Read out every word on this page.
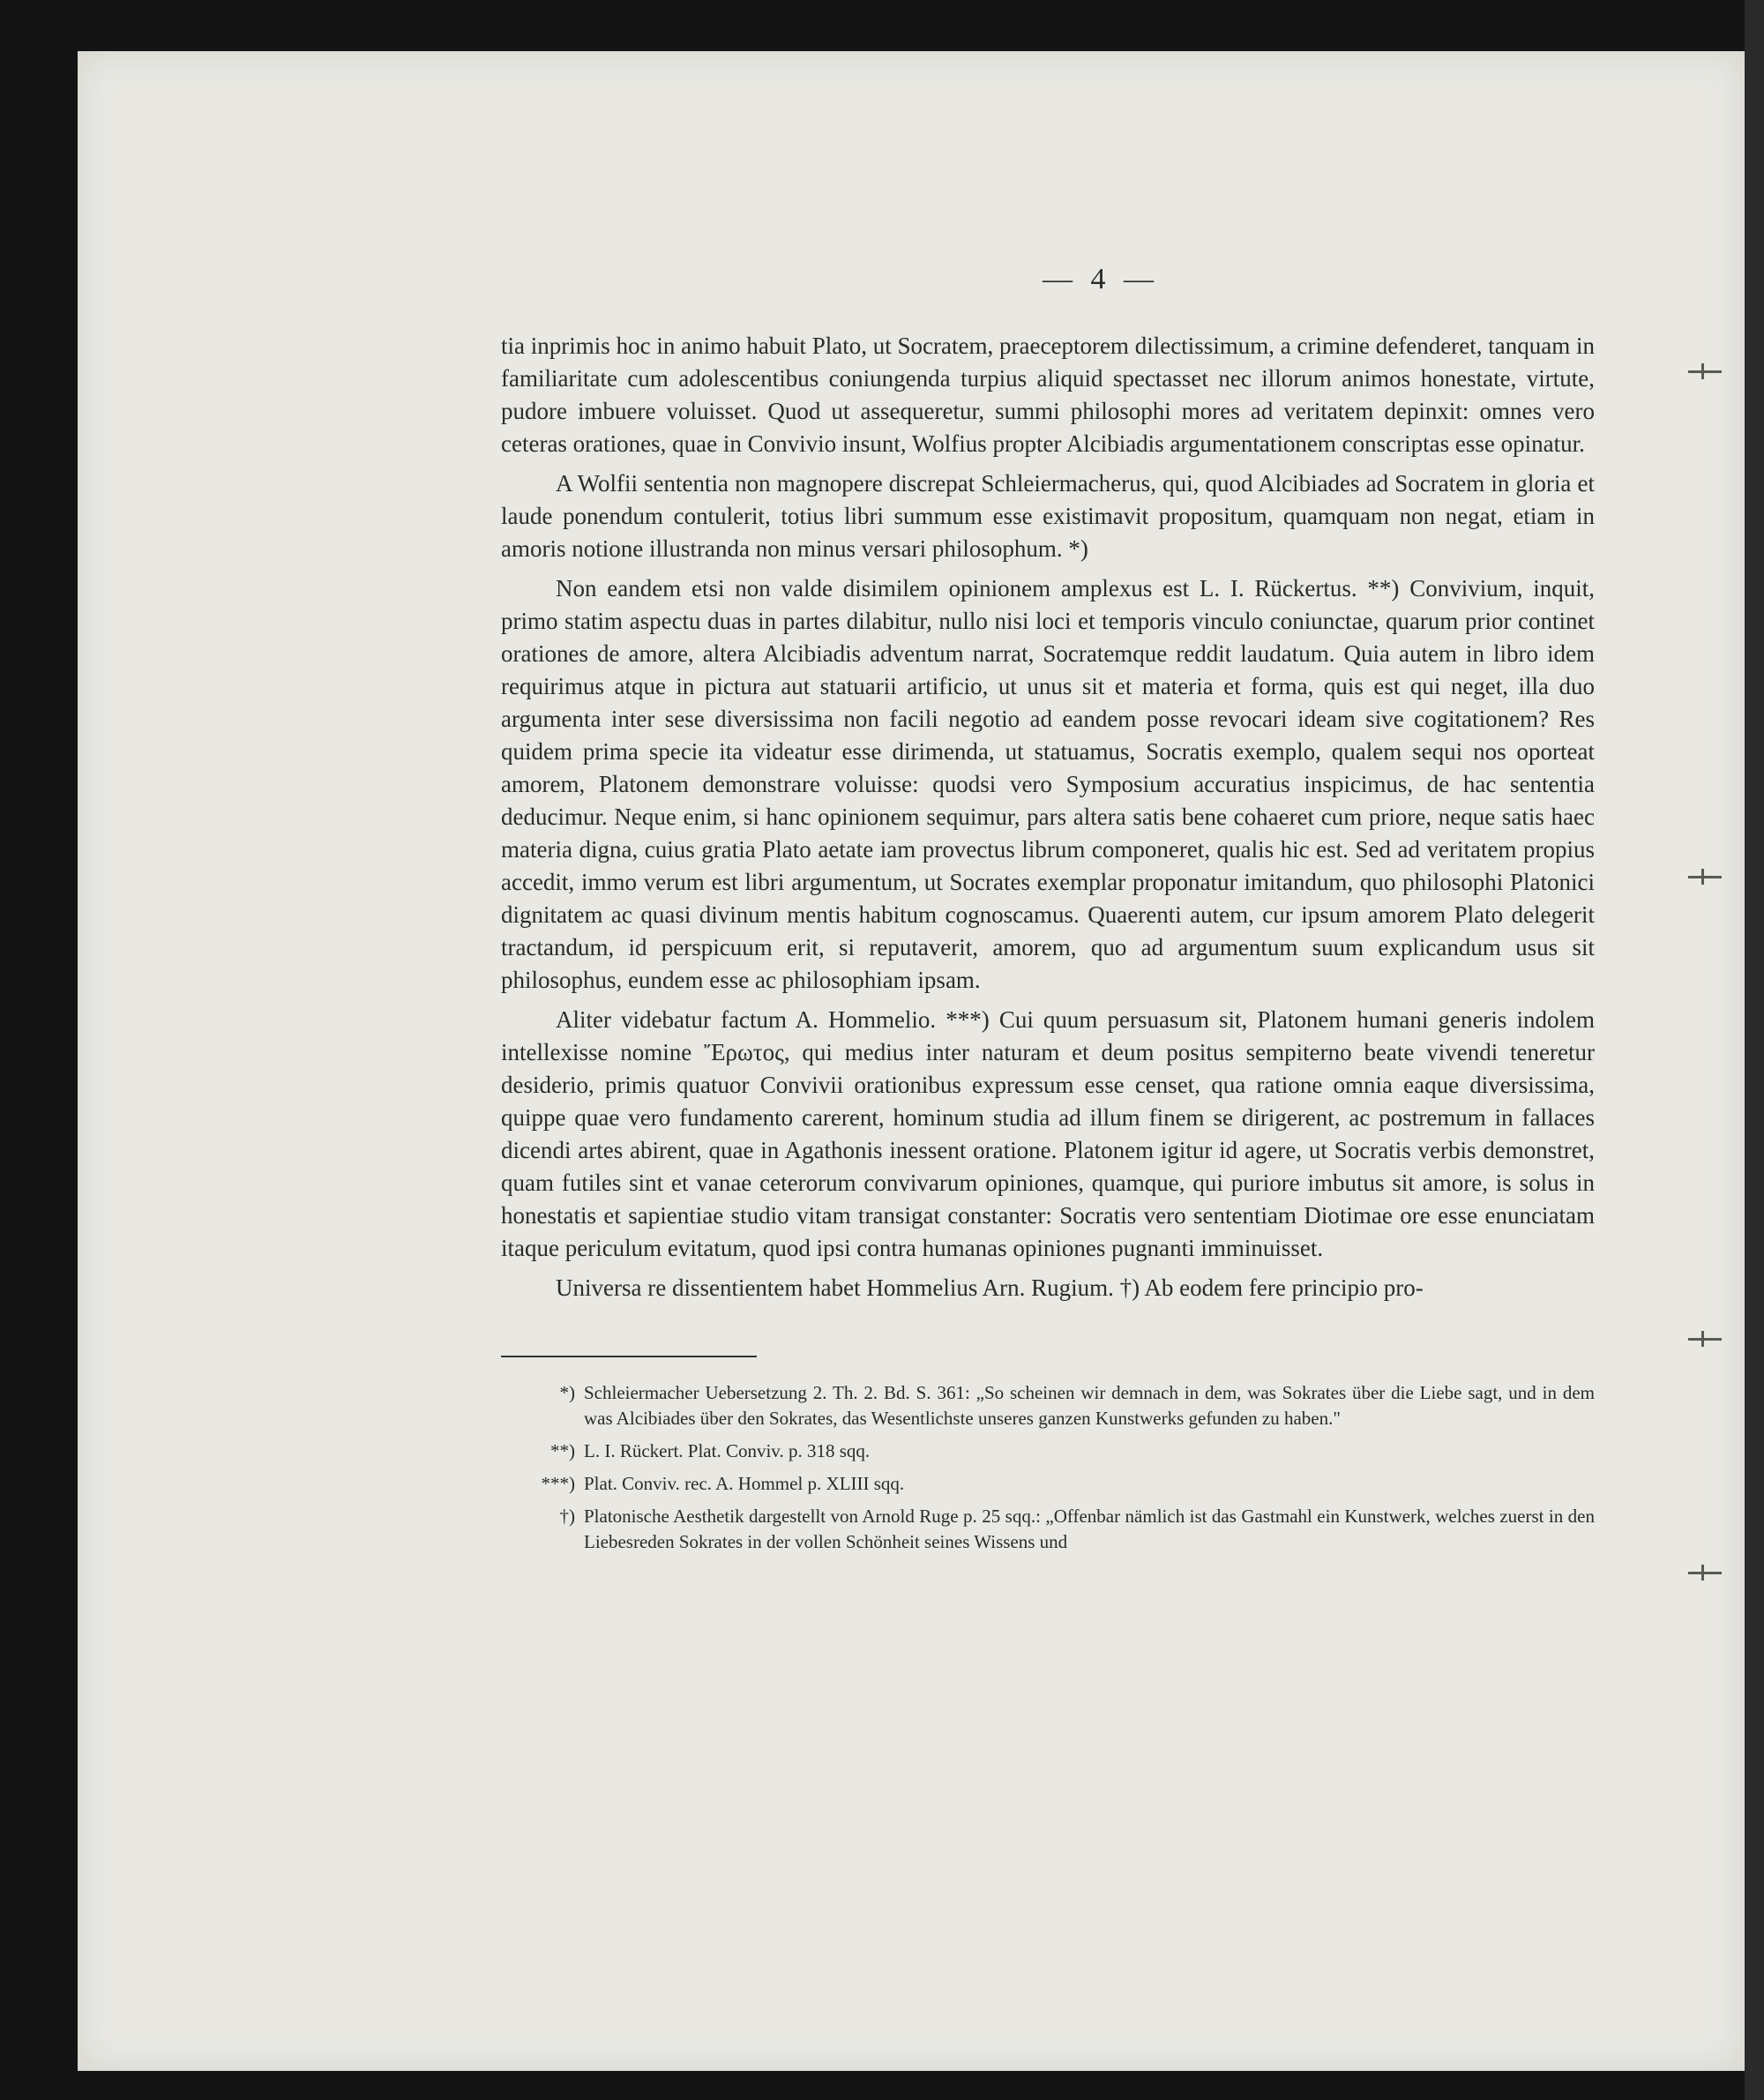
— 4 —

tia inprimis hoc in animo habuit Plato, ut Socratem, praeceptorem dilectissimum, a crimine defenderet, tanquam in familiaritate cum adolescentibus coniungenda turpius aliquid spectasset nec illorum animos honestate, virtute, pudore imbuere voluisset. Quod ut assequeretur, summi philosophi mores ad veritatem depinxit: omnes vero ceteras orationes, quae in Convivio insunt, Wolfius propter Alcibiadis argumentationem conscriptas esse opinatur.

A Wolfii sententia non magnopere discrepat Schleiermacherus, qui, quod Alcibiades ad Socratem in gloria et laude ponendum contulerit, totius libri summum esse existimavit propositum, quamquam non negat, etiam in amoris notione illustranda non minus versari philosophum. *)

Non eandem etsi non valde disimilem opinionem amplexus est L. I. Rückertus. **) Convivium, inquit, primo statim aspectu duas in partes dilabitur, nullo nisi loci et temporis vinculo coniunctae, quarum prior continet orationes de amore, altera Alcibiadis adventum narrat, Socratemque reddit laudatum. Quia autem in libro idem requirimus atque in pictura aut statuarii artificio, ut unus sit et materia et forma, quis est qui neget, illa duo argumenta inter sese diversissima non facili negotio ad eandem posse revocari ideam sive cogitationem? Res quidem prima specie ita videatur esse dirimenda, ut statuamus, Socratis exemplo, qualem sequi nos oporteat amorem, Platonem demonstrare voluisse: quodsi vero Symposium accuratius inspicimus, de hac sententia deducimur. Neque enim, si hanc opinionem sequimur, pars altera satis bene cohaeret cum priore, neque satis haec materia digna, cuius gratia Plato aetate iam provectus librum componeret, qualis hic est. Sed ad veritatem propius accedit, immo verum est libri argumentum, ut Socrates exemplar proponatur imitandum, quo philosophi Platonici dignitatem ac quasi divinum mentis habitum cognoscamus. Quaerenti autem, cur ipsum amorem Plato delegerit tractandum, id perspicuum erit, si reputaverit, amorem, quo ad argumentum suum explicandum usus sit philosophus, eundem esse ac philosophiam ipsam.

Aliter videbatur factum A. Hommelio. ***) Cui quum persuasum sit, Platonem humani generis indolem intellexisse nomine Ἔρωτος, qui medius inter naturam et deum positus sempiterno beate vivendi teneretur desiderio, primis quatuor Convivii orationibus expressum esse censet, qua ratione omnia eaque diversissima, quippe quae vero fundamento carerent, hominum studia ad illum finem se dirigerent, ac postremum in fallaces dicendi artes abirent, quae in Agathonis inessent oratione. Platonem igitur id agere, ut Socratis verbis demonstret, quam futiles sint et vanae ceterorum convivarum opiniones, quamque, qui puriore imbutus sit amore, is solus in honestatis et sapientiae studio vitam transigat constanter: Socratis vero sententiam Diotimae ore esse enunciatam itaque periculum evitatum, quod ipsi contra humanas opiniones pugnanti imminuisset.

Universa re dissentientem habet Hommelius Arn. Rugium. †) Ab eodem fere principio pro-

*) Schleiermacher Uebersetzung 2. Th. 2. Bd. S. 361: „So scheinen wir demnach in dem, was Sokrates über die Liebe sagt, und in dem was Alcibiades über den Sokrates, das Wesentlichste unseres ganzen Kunstwerks gefunden zu haben."
**) L. I. Rückert. Plat. Conviv. p. 318 sqq.
***) Plat. Conviv. rec. A. Hommel p. XLIII sqq.
†) Platonische Aesthetik dargestellt von Arnold Ruge p. 25 sqq.: „Offenbar nämlich ist das Gastmahl ein Kunstwerk, welches zuerst in den Liebesreden Sokrates in der vollen Schönheit seines Wissens und
